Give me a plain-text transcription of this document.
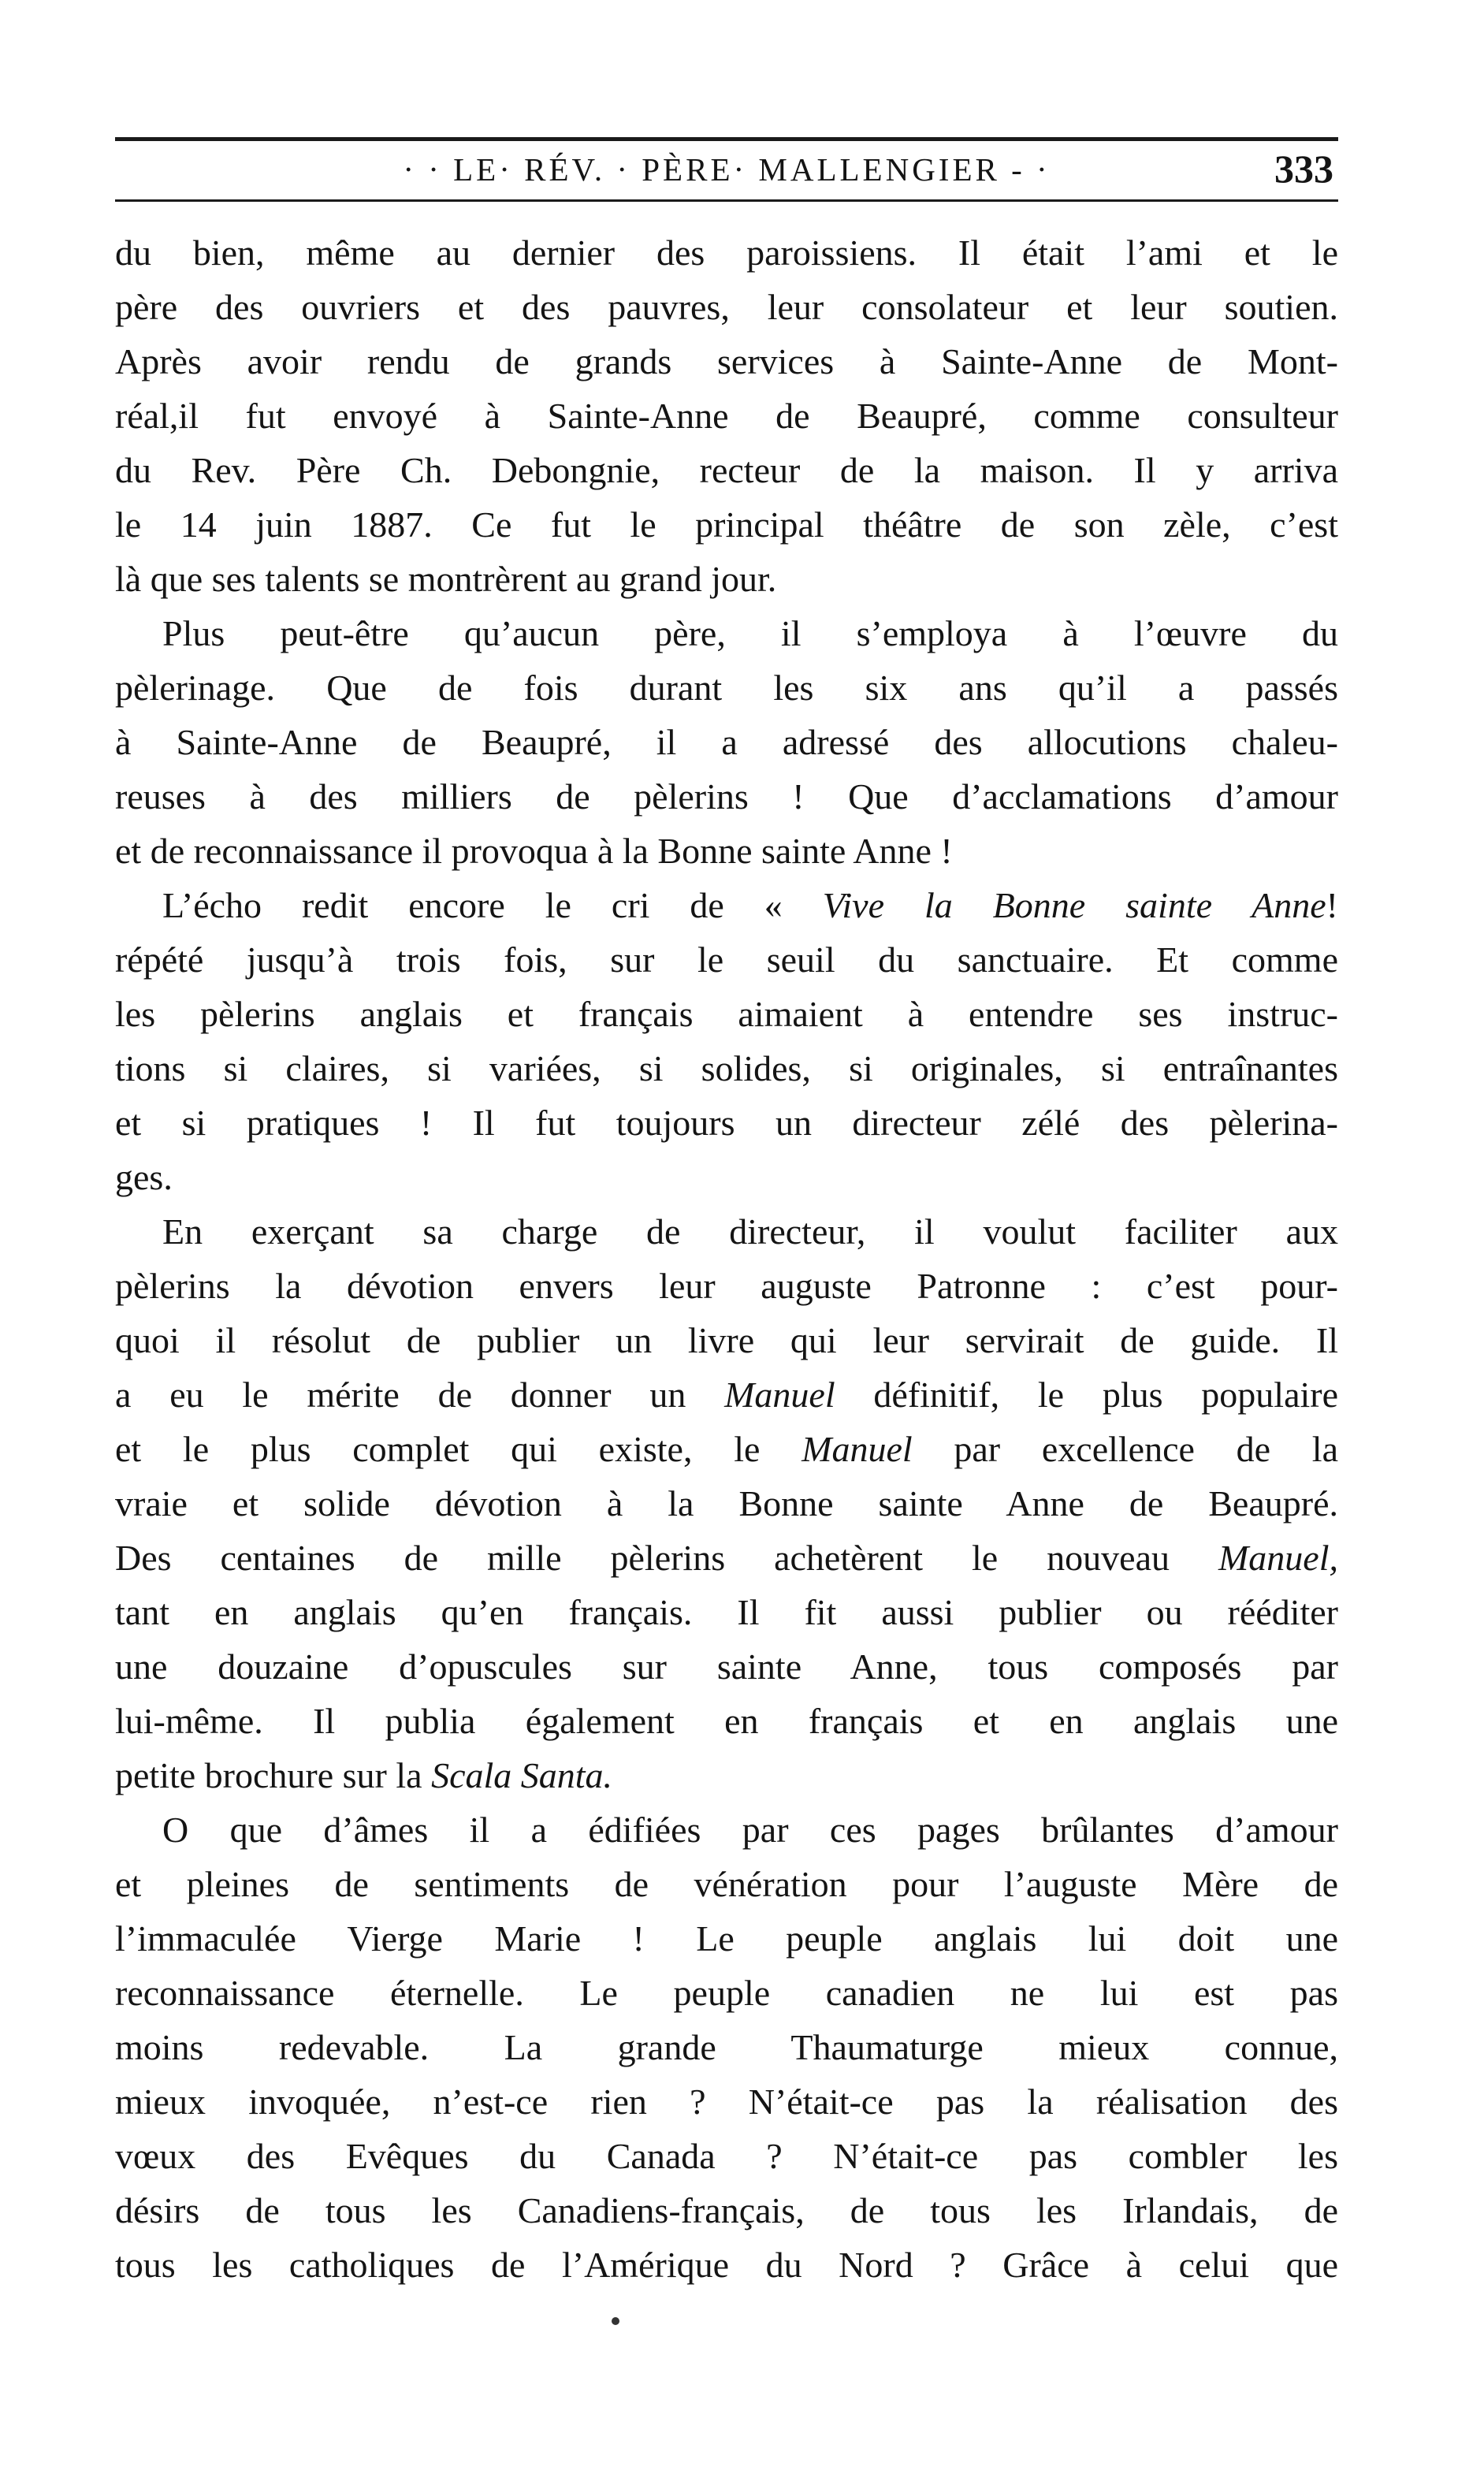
· · LE· RÉV. · PÈRE· MALLENGIER - ·	333
du bien, même au dernier des paroissiens. Il était l’ami et le
père des ouvriers et des pauvres, leur consolateur et leur soutien.
Après avoir rendu de grands services à Sainte-Anne de Mont-
réal,il fut envoyé à Sainte-Anne de Beaupré, comme consulteur
du Rev. Père Ch. Debongnie, recteur de la maison. Il y arriva
le 14 juin 1887. Ce fut le principal théâtre de son zèle, c’est
là que ses talents se montrèrent au grand jour.
Plus peut-être qu’aucun père, il s’employa à l’œuvre du
pèlerinage. Que de fois durant les six ans qu’il a passés
à Sainte-Anne de Beaupré, il a adressé des allocutions chaleu-
reuses à des milliers de pèlerins ! Que d’acclamations d’amour
et de reconnaissance il provoqua à la Bonne sainte Anne !
L’écho redit encore le cri de « Vive la Bonne sainte Anne!
répété jusqu’à trois fois, sur le seuil du sanctuaire. Et comme
les pèlerins anglais et français aimaient à entendre ses instruc-
tions si claires, si variées, si solides, si originales, si entraînantes
et si pratiques ! Il fut toujours un directeur zélé des pèlerina-
ges.
En exerçant sa charge de directeur, il voulut faciliter aux
pèlerins la dévotion envers leur auguste Patronne : c’est pour-
quoi il résolut de publier un livre qui leur servirait de guide. Il
a eu le mérite de donner un Manuel définitif, le plus populaire
et le plus complet qui existe, le Manuel par excellence de la
vraie et solide dévotion à la Bonne sainte Anne de Beaupré.
Des centaines de mille pèlerins achetèrent le nouveau Manuel,
tant en anglais qu’en français. Il fit aussi publier ou rééditer
une douzaine d’opuscules sur sainte Anne, tous composés par
lui-même. Il publia également en français et en anglais une
petite brochure sur la Scala Santa.
O que d’âmes il a édifiées par ces pages brûlantes d’amour
et pleines de sentiments de vénération pour l’auguste Mère de
l’immaculée Vierge Marie ! Le peuple anglais lui doit une
reconnaissance éternelle. Le peuple canadien ne lui est pas
moins redevable. La grande Thaumaturge mieux connue,
mieux invoquée, n’est-ce rien ? N’était-ce pas la réalisation des
vœux des Evêques du Canada ? N’était-ce pas combler les
désirs de tous les Canadiens-français, de tous les Irlandais, de
tous les catholiques de l’Amérique du Nord ? Grâce à celui que
